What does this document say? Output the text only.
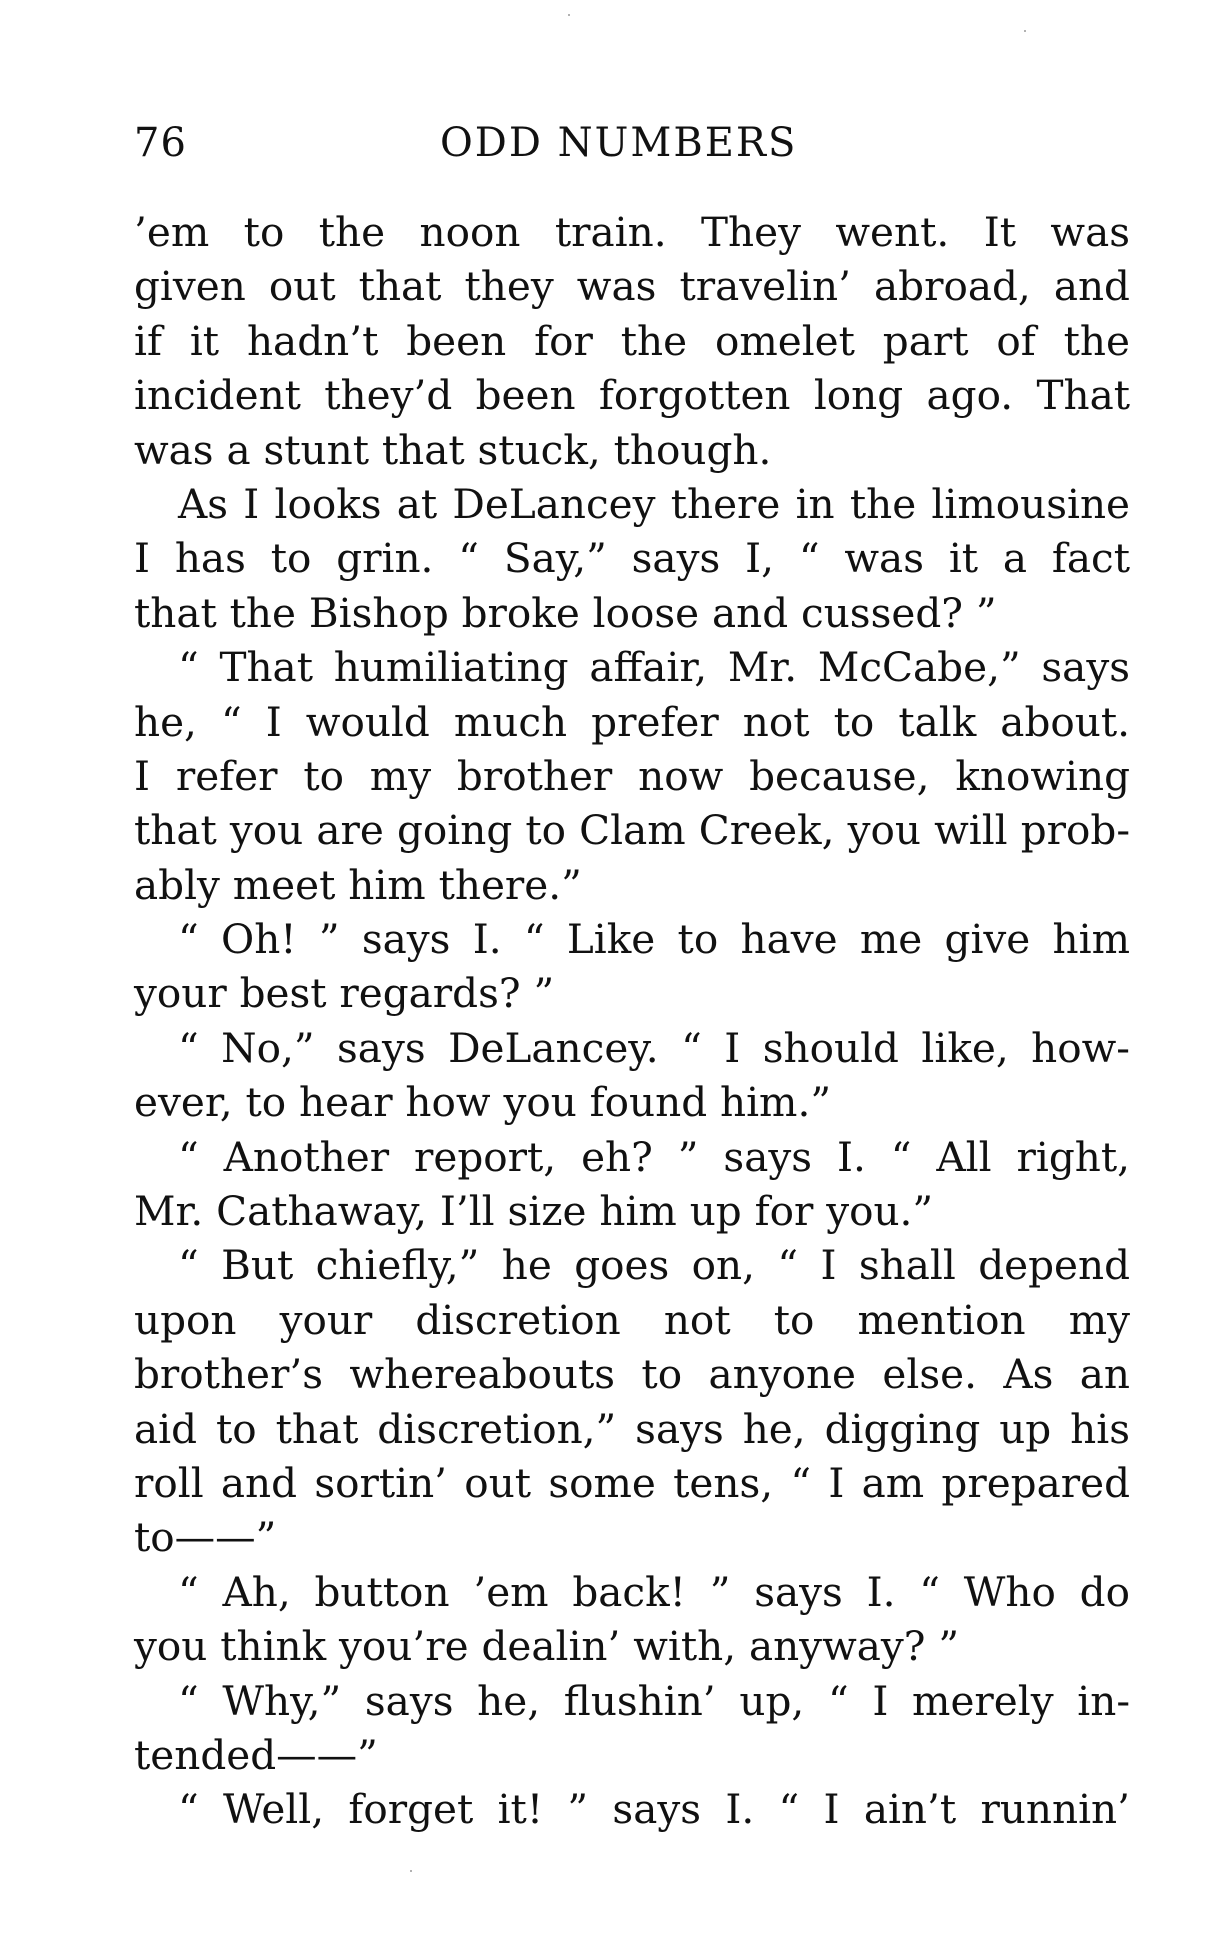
76	ODD NUMBERS
’em to the noon train. They went. It was
given out that they was travelin’ abroad, and
if it hadn’t been for the omelet part of the
incident they’d been forgotten long ago. That
was a stunt that stuck, though.
As I looks at DeLancey there in the limousine
I has to grin. “ Say,” says I, “ was it a fact
that the Bishop broke loose and cussed? ”
“ That humiliating affair, Mr. McCabe,” says
he, “ I would much prefer not to talk about.
I refer to my brother now because, knowing
that you are going to Clam Creek, you will prob-
ably meet him there.”
“ Oh! ” says I. “ Like to have me give him
your best regards? ”
“ No,” says DeLancey. “ I should like, how-
ever, to hear how you found him.”
“ Another report, eh? ” says I. “ All right,
Mr. Cathaway, I’ll size him up for you.”
“ But chiefly,” he goes on, “ I shall depend
upon your discretion not to mention my
brother’s whereabouts to anyone else. As an
aid to that discretion,” says he, digging up his
roll and sortin’ out some tens, “ I am prepared
to——”
“ Ah, button ’em back! ” says I. “ Who do
you think you’re dealin’ with, anyway? ”
“ Why,” says he, flushin’ up, “ I merely in-
tended——”
“ Well, forget it! ” says I. “ I ain’t runnin’
